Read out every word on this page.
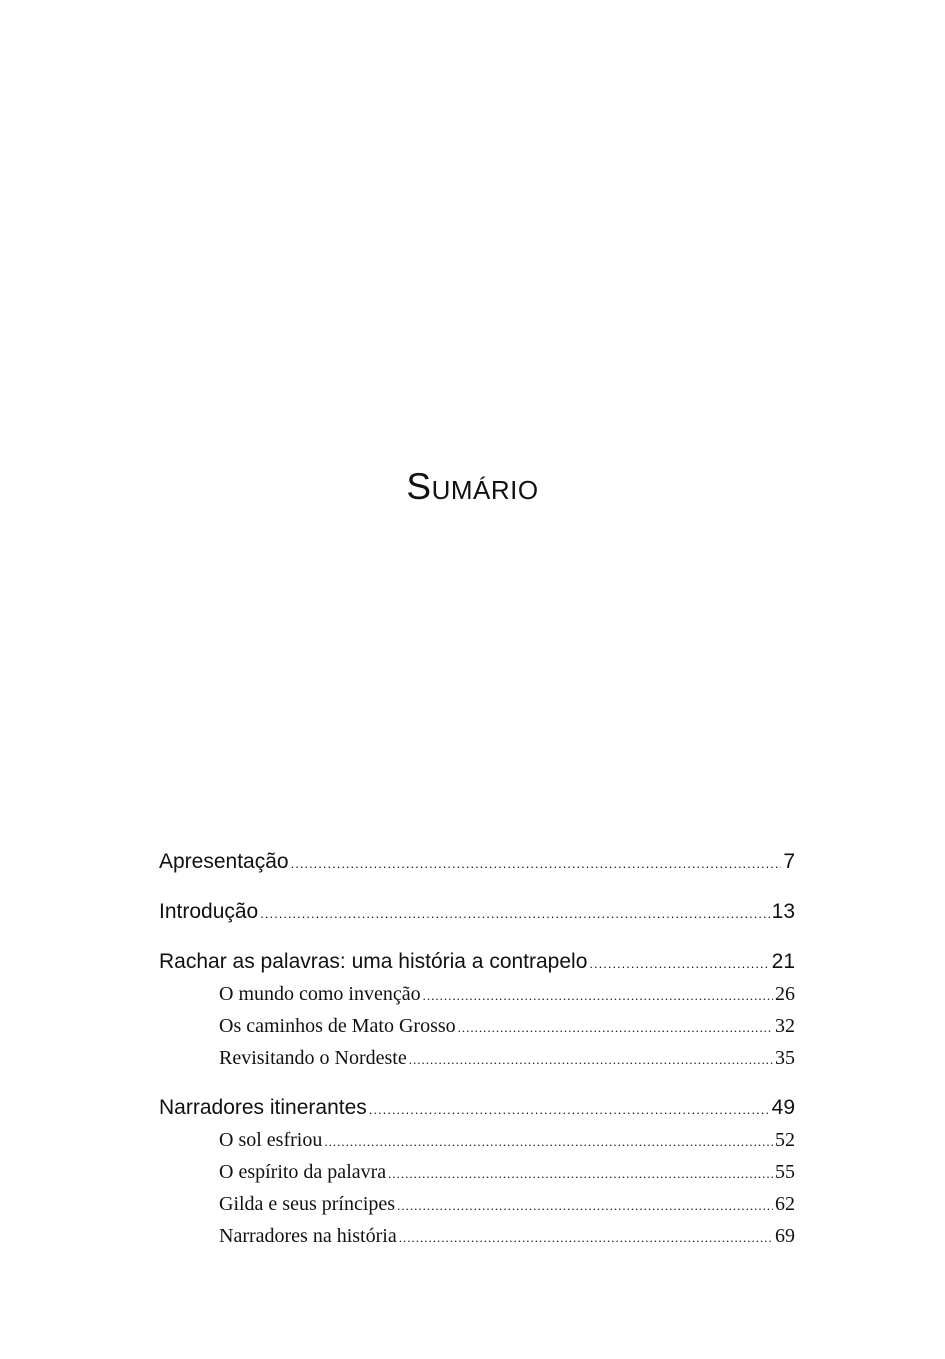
Sumário
Apresentação .....	7
Introdução .....	13
Rachar as palavras: uma história a contrapelo .....	21
O mundo como invenção .....	26
Os caminhos de Mato Grosso .....	32
Revisitando o Nordeste .....	35
Narradores itinerantes .....	49
O sol esfriou .....	52
O espírito da palavra .....	55
Gilda e seus príncipes .....	62
Narradores na história .....	69
